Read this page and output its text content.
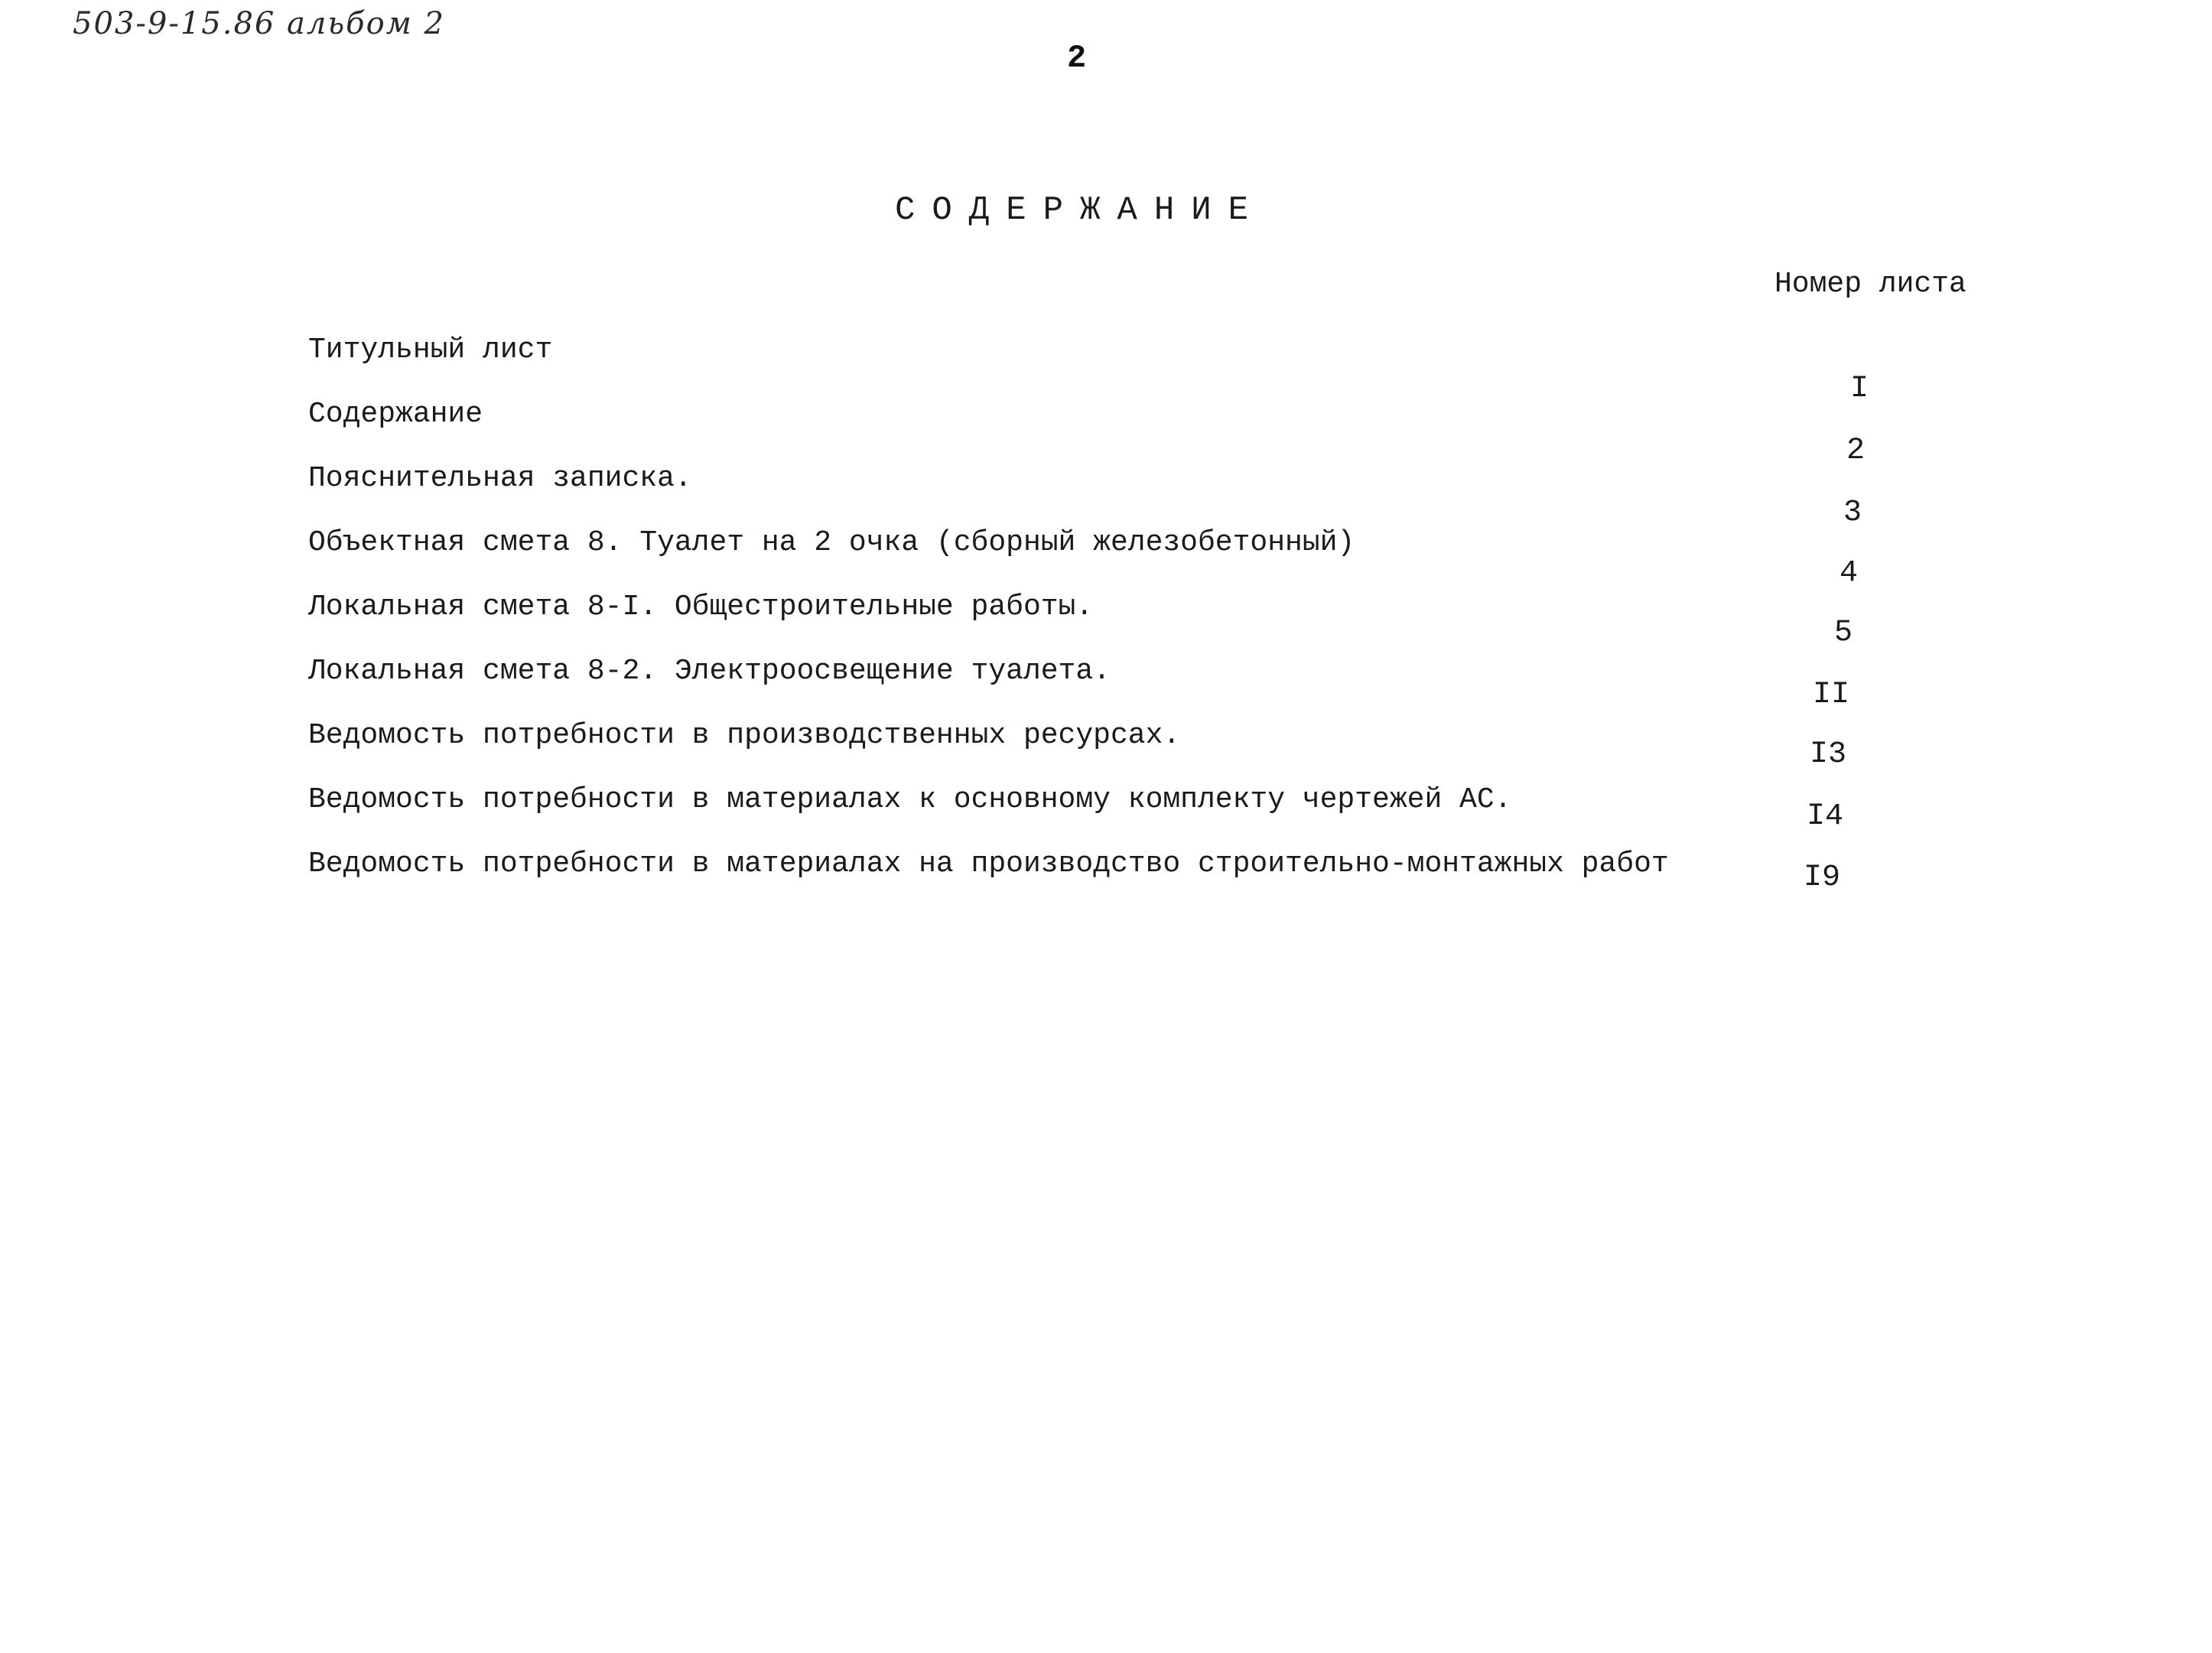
503-9-15.86 альбом 2
2
СОДЕРЖАНИЕ
Номер листа
Титульный лист
Содержание
Пояснительная записка.
Объектная смета 8. Туалет на 2 очка (сборный железобетонный)
Локальная смета 8-I. Общестроительные работы.
Локальная смета 8-2. Электроосвещение туалета.
Ведомость потребности в производственных ресурсах.
Ведомость потребности в материалах к основному комплекту чертежей АС.
Ведомость потребности в материалах на производство строительно-монтажных работ
I
2
3
4
5
II
I3
I4
I9
